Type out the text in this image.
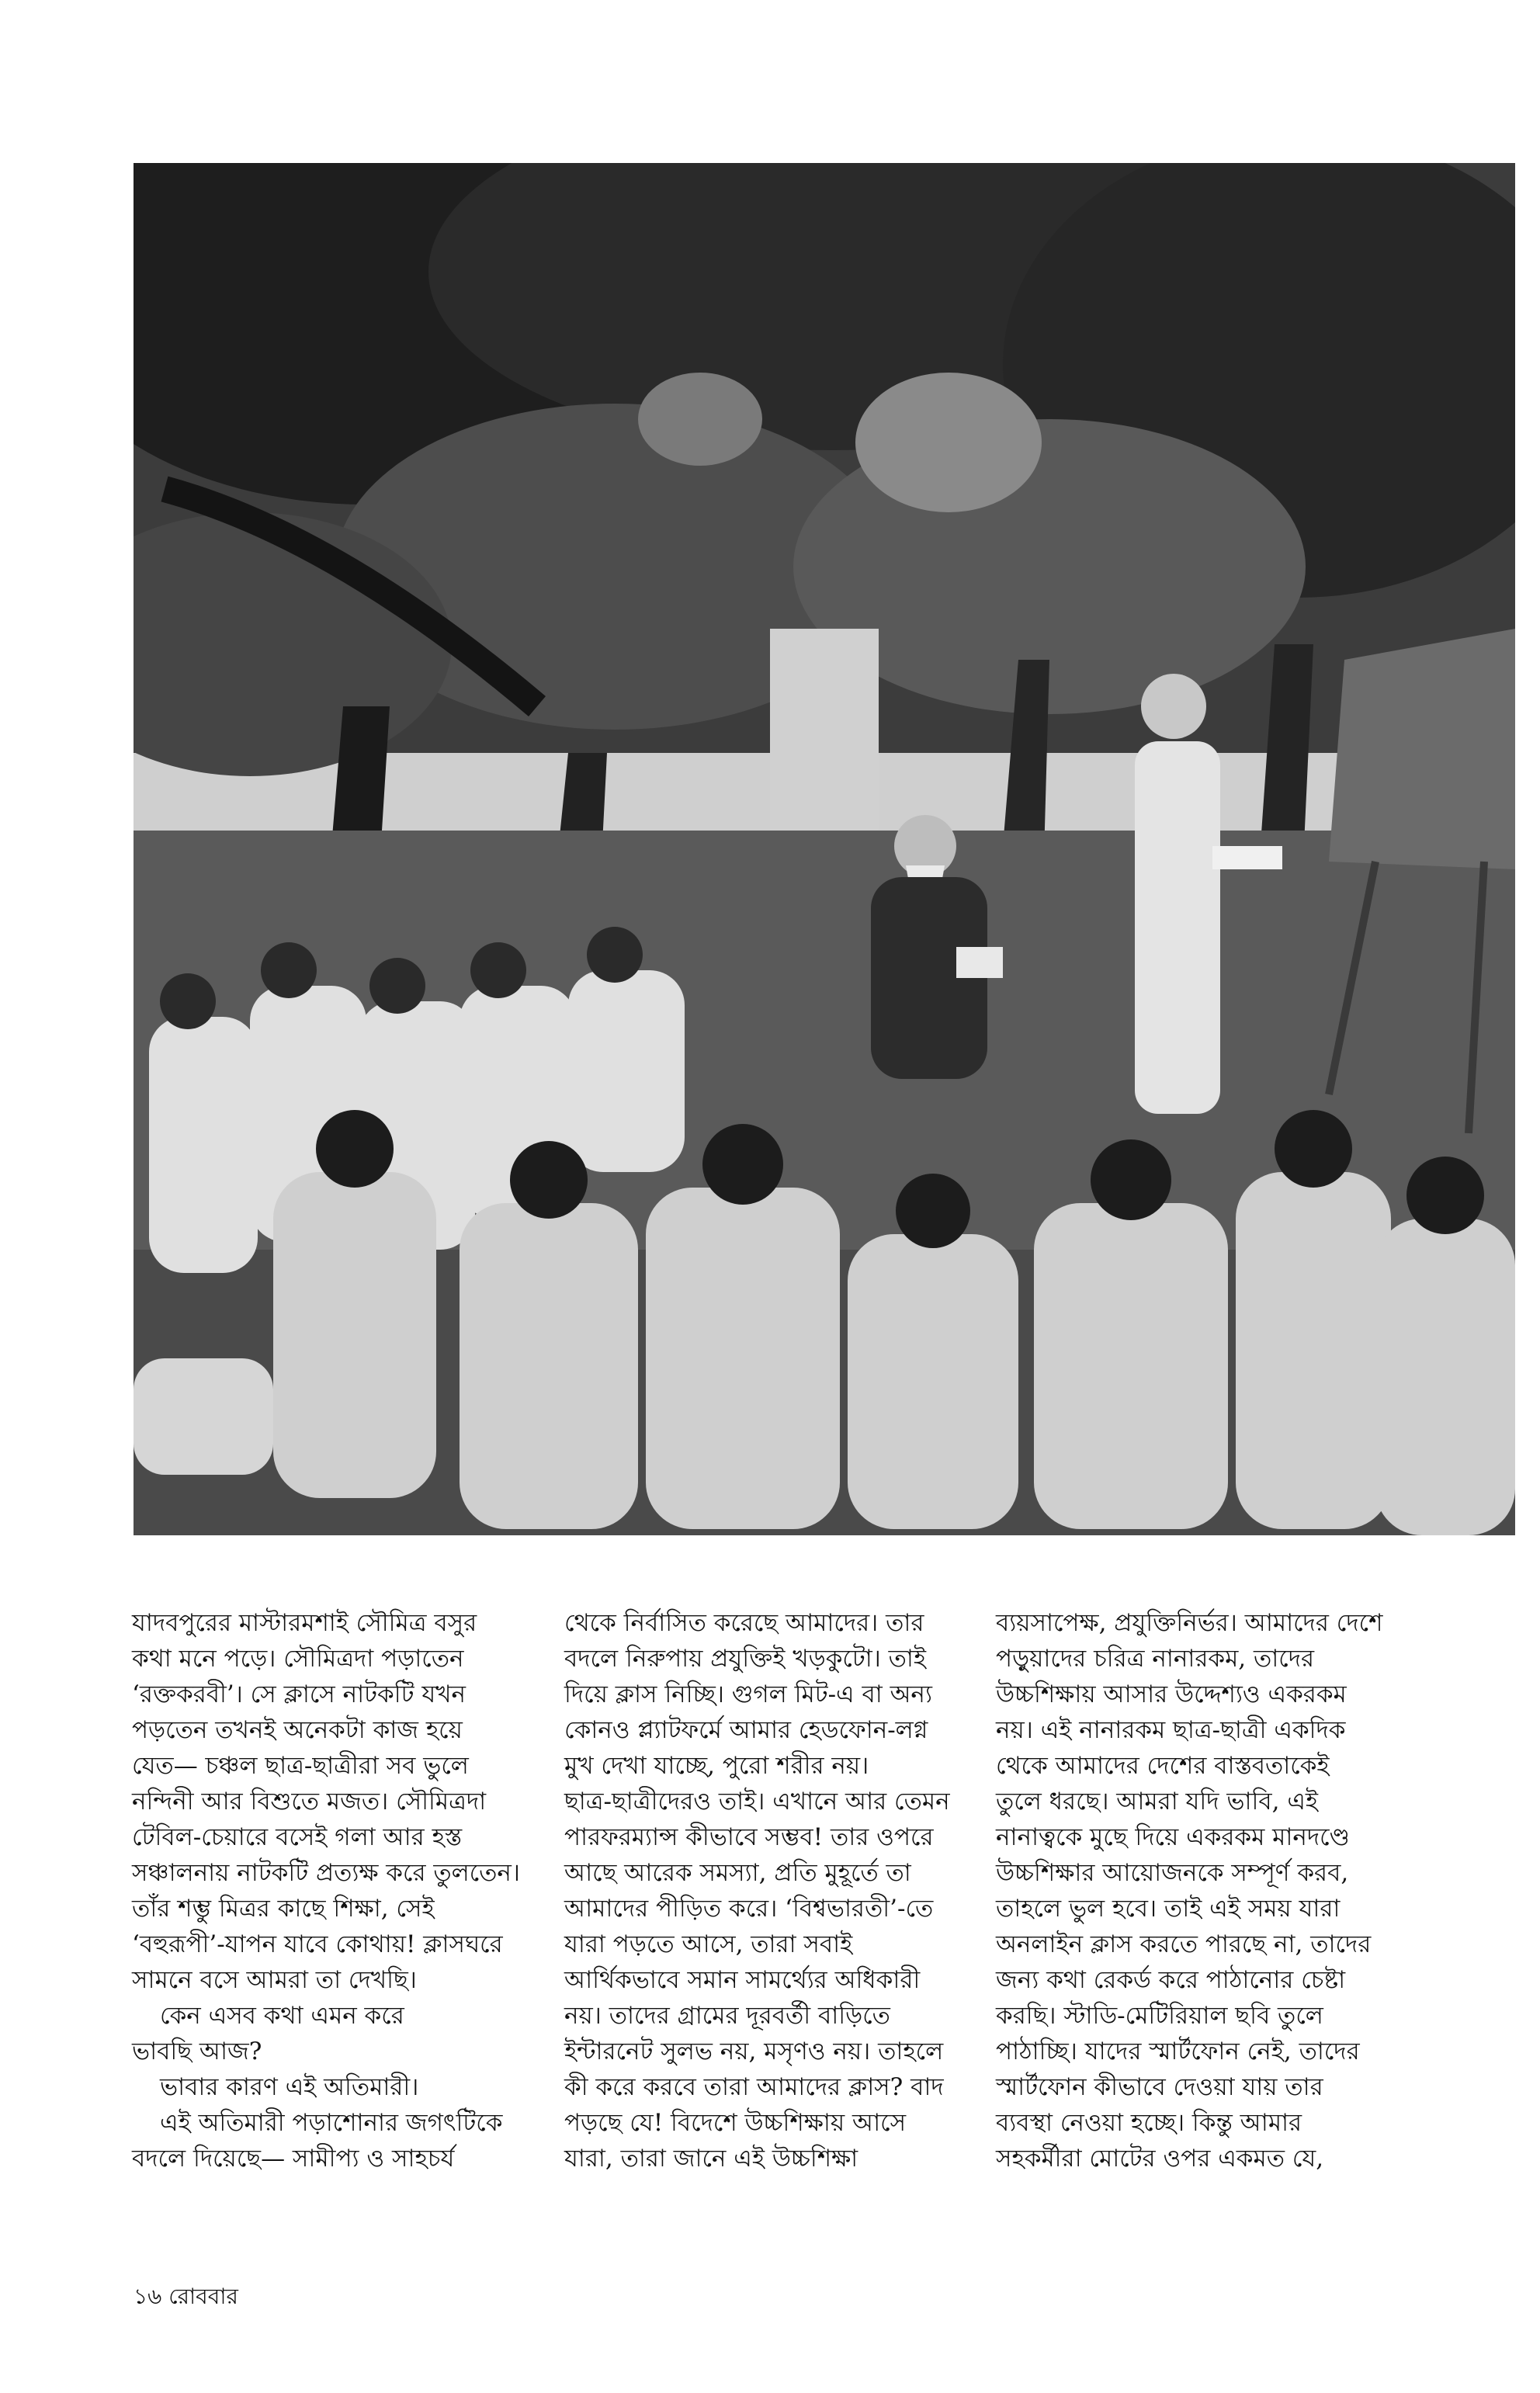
যাদবপুরের মাস্টারমশাই সৌমিত্র বসুর

কথা মনে পড়ে। সৌমিত্রদা পড়াতেন

‘রক্তকরবী’। সে ক্লাসে নাটকটি যখন

পড়তেন তখনই অনেকটা কাজ হয়ে

যেত— চঞ্চল ছাত্র-ছাত্রীরা সব ভুলে

নন্দিনী আর বিশুতে মজত। সৌমিত্রদা

টেবিল-চেয়ারে বসেই গলা আর হস্ত

সঞ্চালনায় নাটকটি প্রত্যক্ষ করে তুলতেন।

তাঁর শম্ভু মিত্রর কাছে শিক্ষা, সেই

‘বহুরূপী’-যাপন যাবে কোথায়! ক্লাসঘরে

সামনে বসে আমরা তা দেখছি।

কেন এসব কথা এমন করে

ভাবছি আজ?

ভাবার কারণ এই অতিমারী।

এই অতিমারী পড়াশোনার জগৎটিকে

বদলে দিয়েছে— সামীপ্য ও সাহচর্য

থেকে নির্বাসিত করেছে আমাদের। তার

বদলে নিরুপায় প্রযুক্তিই খড়কুটো। তাই

দিয়ে ক্লাস নিচ্ছি। গুগল মিট-এ বা অন্য

কোনও প্ল্যাটফর্মে আমার হেডফোন-লগ্ন

মুখ দেখা যাচ্ছে, পুরো শরীর নয়।

ছাত্র-ছাত্রীদেরও তাই। এখানে আর তেমন

পারফরম্যান্স কীভাবে সম্ভব! তার ওপরে

আছে আরেক সমস্যা, প্রতি মুহূর্তে তা

আমাদের পীড়িত করে। ‘বিশ্বভারতী’-তে

যারা পড়তে আসে, তারা সবাই

আর্থিকভাবে সমান সামর্থ্যের অধিকারী

নয়। তাদের গ্রামের দূরবর্তী বাড়িতে

ইন্টারনেট সুলভ নয়, মসৃণও নয়। তাহলে

কী করে করবে তারা আমাদের ক্লাস? বাদ

পড়ছে যে! বিদেশে উচ্চশিক্ষায় আসে

যারা, তারা জানে এই উচ্চশিক্ষা

ব্যয়সাপেক্ষ, প্রযুক্তিনির্ভর। আমাদের দেশে

পড়ুয়াদের চরিত্র নানারকম, তাদের

উচ্চশিক্ষায় আসার উদ্দেশ্যও একরকম

নয়। এই নানারকম ছাত্র-ছাত্রী একদিক

থেকে আমাদের দেশের বাস্তবতাকেই

তুলে ধরছে। আমরা যদি ভাবি, এই

নানাত্বকে মুছে দিয়ে একরকম মানদণ্ডে

উচ্চশিক্ষার আয়োজনকে সম্পূর্ণ করব,

তাহলে ভুল হবে। তাই এই সময় যারা

অনলাইন ক্লাস করতে পারছে না, তাদের

জন্য কথা রেকর্ড করে পাঠানোর চেষ্টা

করছি। স্টাডি-মেটিরিয়াল ছবি তুলে

পাঠাচ্ছি। যাদের স্মার্টফোন নেই, তাদের

স্মার্টফোন কীভাবে দেওয়া যায় তার

ব্যবস্থা নেওয়া হচ্ছে। কিন্তু আমার

সহকর্মীরা মোটের ওপর একমত যে,

১৬ রোববার
